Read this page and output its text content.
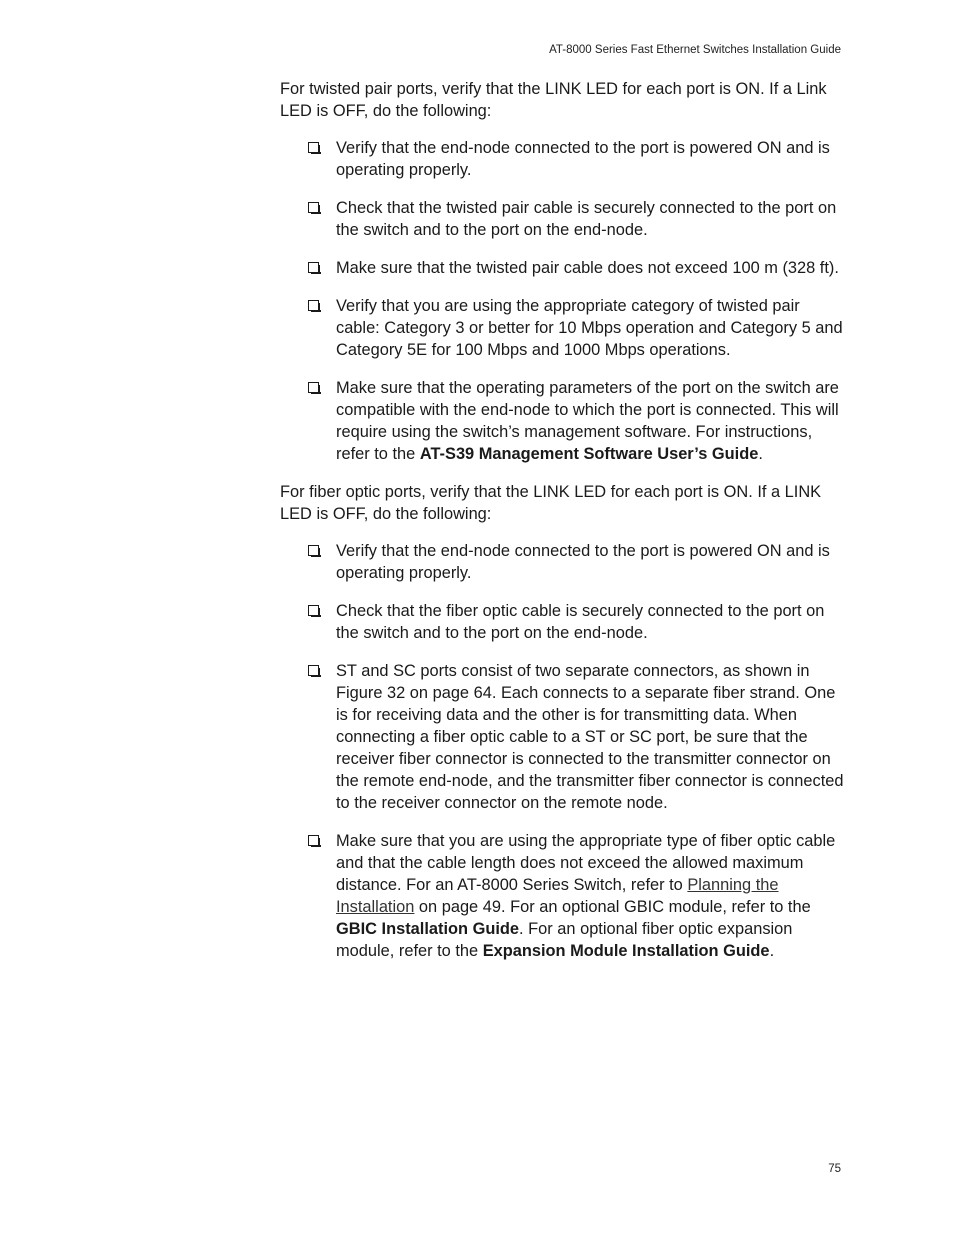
AT-8000 Series Fast Ethernet Switches Installation Guide

For twisted pair ports, verify that the LINK LED for each port is ON. If a Link LED is OFF, do the following:

Verify that the end-node connected to the port is powered ON and is operating properly.
Check that the twisted pair cable is securely connected to the port on the switch and to the port on the end-node.
Make sure that the twisted pair cable does not exceed 100 m (328 ft).
Verify that you are using the appropriate category of twisted pair cable: Category 3 or better for 10 Mbps operation and Category 5 and Category 5E for 100 Mbps and 1000 Mbps operations.
Make sure that the operating parameters of the port on the switch are compatible with the end-node to which the port is connected. This will require using the switch’s management software. For instructions, refer to the AT-S39 Management Software User’s Guide.

For fiber optic ports, verify that the LINK LED for each port is ON. If a LINK LED is OFF, do the following:

Verify that the end-node connected to the port is powered ON and is operating properly.
Check that the fiber optic cable is securely connected to the port on the switch and to the port on the end-node.
ST and SC ports consist of two separate connectors, as shown in Figure 32 on page 64. Each connects to a separate fiber strand. One is for receiving data and the other is for transmitting data. When connecting a fiber optic cable to a ST or SC port, be sure that the receiver fiber connector is connected to the transmitter connector on the remote end-node, and the transmitter fiber connector is connected to the receiver connector on the remote node.
Make sure that you are using the appropriate type of fiber optic cable and that the cable length does not exceed the allowed maximum distance. For an AT-8000 Series Switch, refer to Planning the Installation on page 49. For an optional GBIC module, refer to the GBIC Installation Guide. For an optional fiber optic expansion module, refer to the Expansion Module Installation Guide.
75
